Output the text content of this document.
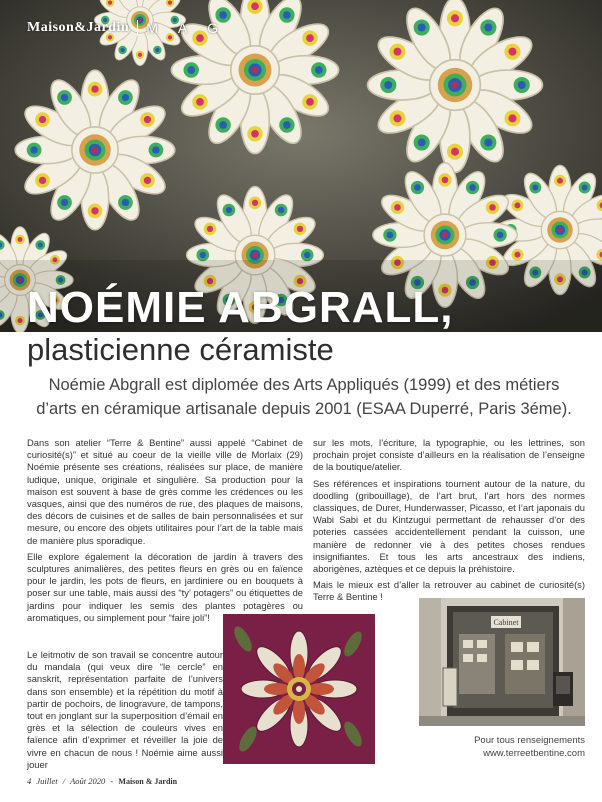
Maison&Jardin MAG
NOÉMIE ABGRALL,
plasticienne céramiste
Noémie Abgrall est diplomée des Arts Appliqués (1999) et des métiers d’arts en céramique artisanale depuis 2001 (ESAA Duperré, Paris 3éme).

Dans son atelier “Terre & Bentine” aussi appelé “Cabinet de curiosité(s)” et situé au coeur de la vieille ville de Morlaix (29) Noémie présente ses créations, réalisées sur place, de manière ludique, unique, originale et singulière. Sa production pour la maison est souvent à base de grès comme les crédences ou les vasques, ainsi que des numéros de rue, des plaques de maisons, des décors de cuisines et de salles de bain personnalisées et sur mesure, ou encore des objets utilitaires pour l’art de la table mais de manière plus sporadique.

Elle explore également la décoration de jardin à travers des sculptures animalières, des petites fleurs en grès ou en faïence pour le jardin, les pots de fleurs, en jardiniere ou en bouquets à poser sur une table, mais aussi des “ty’ potagers” ou étiquettes de jardins pour indiquer les semis des plantes potagères ou aromatiques, ou simplement pour “faire joli”!

Le leitmotiv de son travail se concentre autour du mandala (qui veux dire “le cercle” en sanskrit, représentation parfaite de l’univers dans son ensemble) et la répétition du motif à partir de pochoirs, de linogravure, de tampons, tout en jonglant sur la superposition d’émail en grès et la sélection de couleurs vives en faïence afin d’exprimer et réveiller la joie de vivre en chacun de nous ! Noémie aime aussi jouer

sur les mots, l’écriture, la typographie, ou les lettrines, son prochain projet consiste d’ailleurs en la réalisation de l’enseigne de la boutique/atelier.

Ses références et inspirations tournent autour de la nature, du doodling (gribouillage), de l’art brut, l’art hors des normes classiques, de Durer, Hunderwasser, Picasso, et l’art japonais du Wabi Sabi et du Kintzugui permettant de rehausser d’or des poteries cassées accidentellement pendant la cuisson, une manière de redonner vie à des petites choses rendues insignifiantes. Et tous les arts ancestraux des indiens, aborigènes, aztèques et ce depuis la préhistoire.

Mais le mieux est d’aller la retrouver au cabinet de curiosité(s) Terre & Bentine !

Cabinet
Pour tous renseignements
www.terreetbentine.com
4 Juillet / Août 2020 - Maison & Jardin
